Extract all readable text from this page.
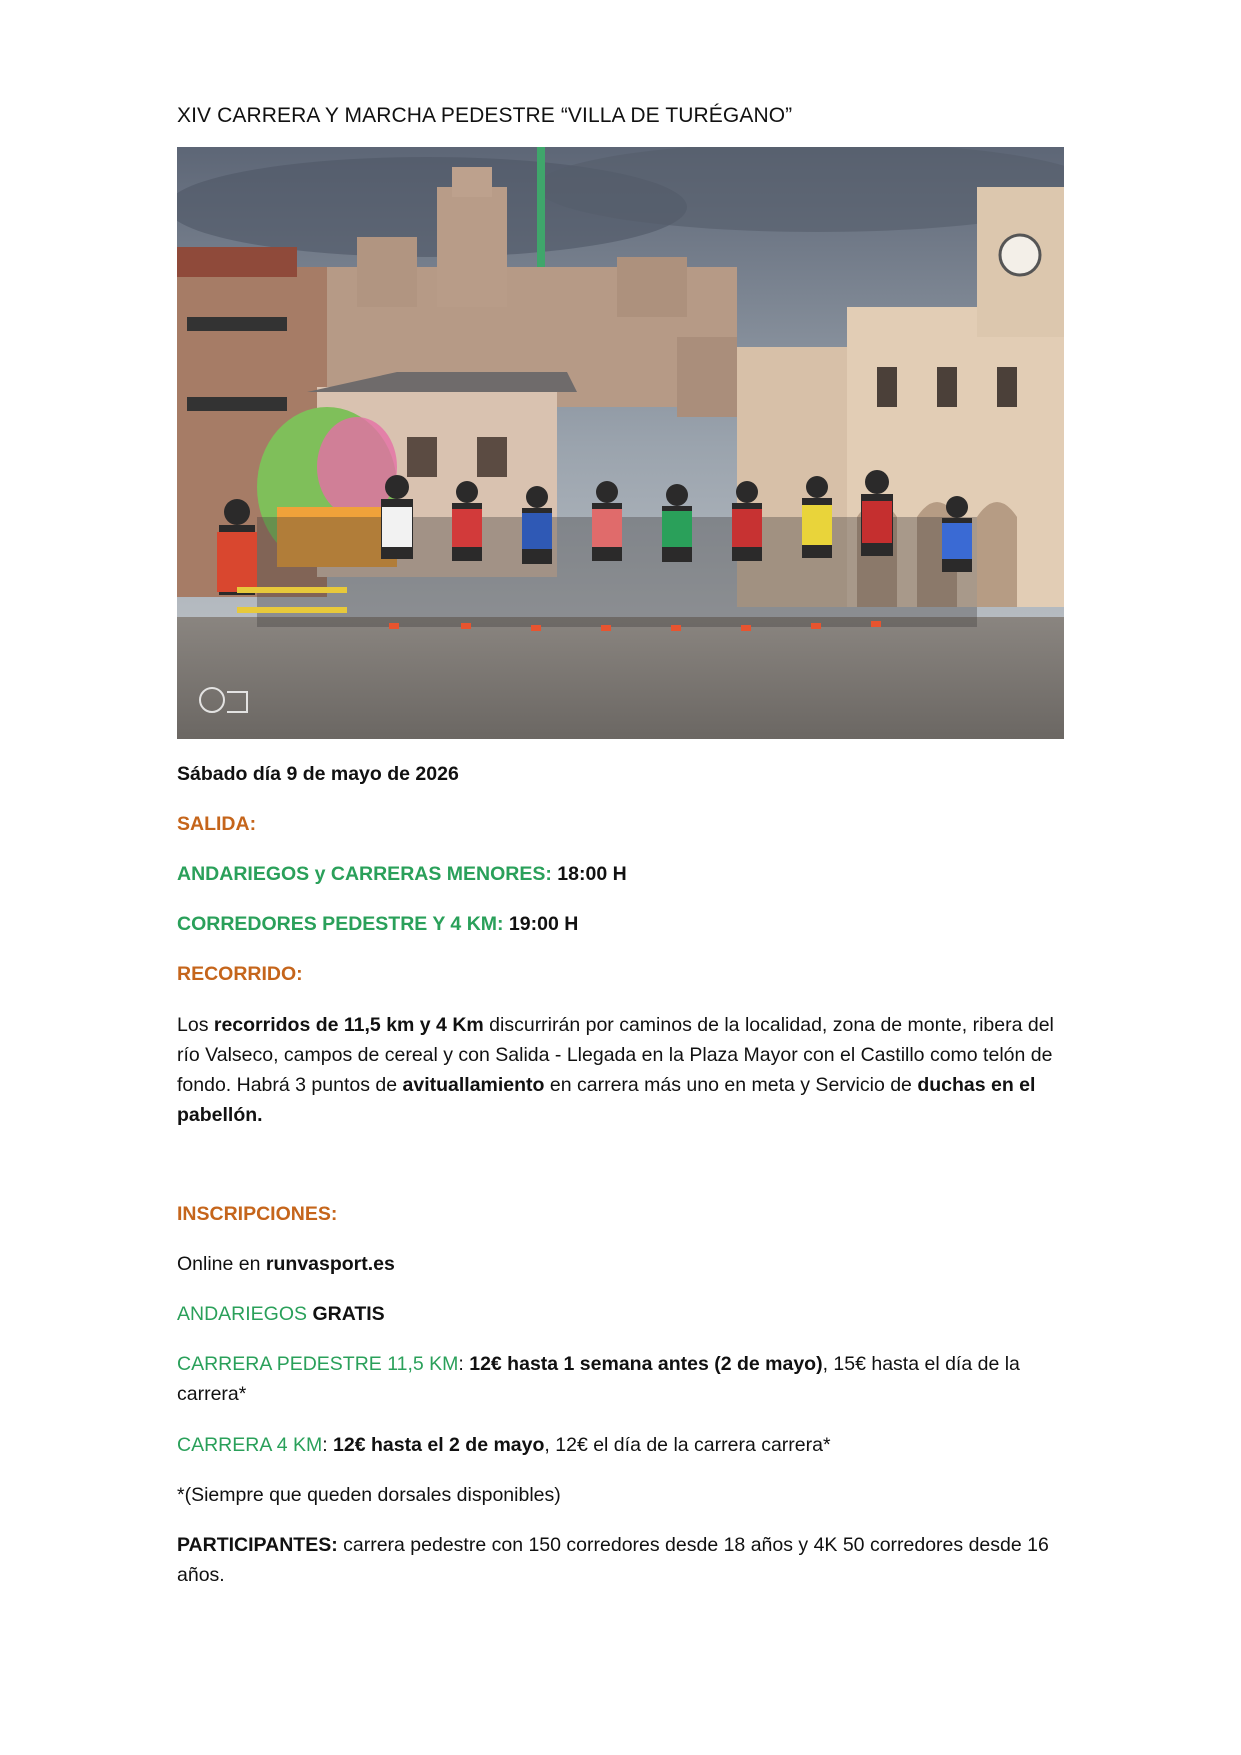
XIV CARRERA Y MARCHA PEDESTRE “VILLA DE TURÉGANO”

Sábado día 9 de mayo de 2026

SALIDA:

ANDARIEGOS y CARRERAS MENORES: 18:00 H

CORREDORES PEDESTRE Y 4 KM: 19:00 H

RECORRIDO:

Los recorridos de 11,5 km y 4 Km discurrirán por caminos de la localidad, zona de monte, ribera del río Valseco, campos de cereal y con Salida - Llegada en la Plaza Mayor con el Castillo como telón de fondo. Habrá 3 puntos de avituallamiento en carrera más uno en meta y Servicio de duchas en el pabellón.

INSCRIPCIONES:

Online en runvasport.es

ANDARIEGOS GRATIS

CARRERA PEDESTRE 11,5 KM: 12€ hasta 1 semana antes (2 de mayo), 15€ hasta el día de la carrera*

CARRERA 4 KM: 12€ hasta el 2 de mayo, 12€ el día de la carrera carrera*

*(Siempre que queden dorsales disponibles)

PARTICIPANTES: carrera pedestre con 150 corredores desde 18 años y 4K 50 corredores desde 16 años.
